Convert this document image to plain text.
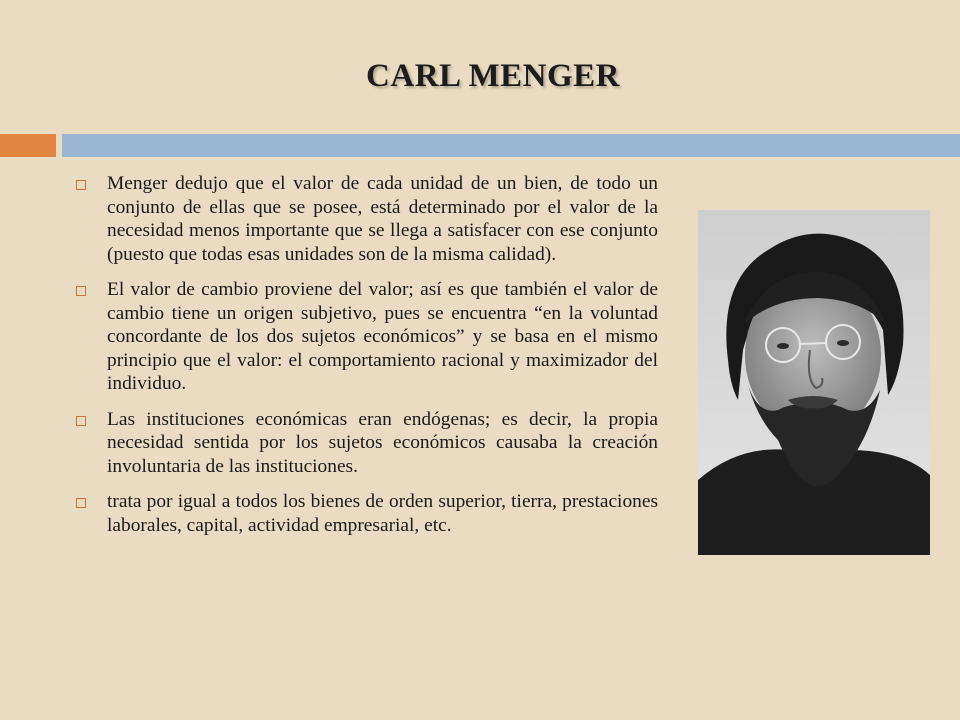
CARL MENGER
Menger dedujo que el valor de cada unidad de un bien, de todo un conjunto de ellas que se posee, está determinado por el valor de la necesidad menos importante que se llega a satisfacer con ese conjunto (puesto que todas esas unidades son de la misma calidad).
El valor de cambio proviene del valor; así es que también el valor de cambio tiene un origen subjetivo, pues se encuentra “en la voluntad concordante de los dos sujetos económicos” y se basa en el mismo principio que el valor: el comportamiento racional y maximizador del individuo.
Las instituciones económicas eran endógenas; es decir, la propia necesidad sentida por los sujetos económicos causaba la creación involuntaria de las instituciones.
trata por igual a todos los bienes de orden superior, tierra, prestaciones laborales, capital, actividad empresarial, etc.
